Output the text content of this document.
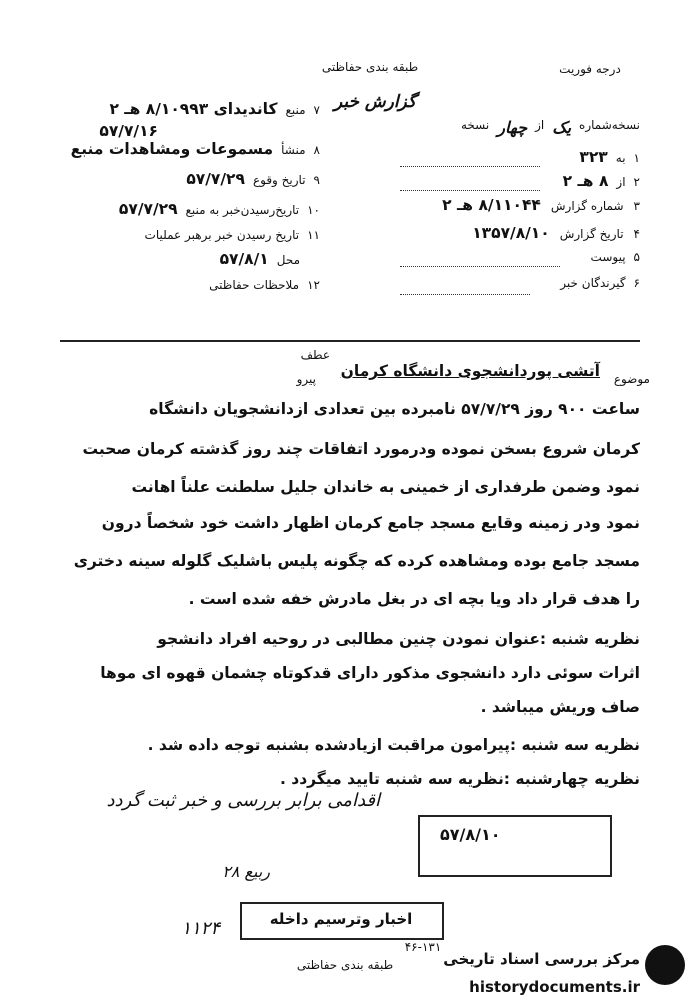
طبقه بندی حفاظتی	درجه فوریت
گزارش خبر
نسخه‌شماره
یک
از
چهار
نسخه
۵۷/۷/۱۶
۷
منبع
کاندیدای ۸/۱۰۹۹۳ هـ ۲
۸
منشأ
مسموعات ومشاهدات منبع
۹
تاریخ وقوع
۵۷/۷/۲۹
۱۰
تاریخ‌رسیدن‌خبر به منبع
۵۷/۷/۲۹
۱۱
تاریخ رسیدن خبر برهبر عملیات
محل
۵۷/۸/۱
۱۲
ملاحظات حفاظتی
۱
به
۳۲۳
۲
از
۸ هـ ۲
۳
شماره گزارش
۸/۱۱۰۴۴ هـ ۲
۴
تاریخ گزارش
۱۳۵۷/۸/۱۰
۵
پیوست
۶
گیرندگان خبر
موضوع
آتشی پوردانشجوی دانشگاه کرمان
عطف
پیرو
ساعت ۹۰۰ روز ۵۷/۷/۲۹ نامبرده بین تعدادی ازدانشجویان دانشگاه
کرمان شروع بسخن نموده ودرمورد اتفاقات چند روز گذشته کرمان صحبت
نمود وضمن طرفداری از خمینی به خاندان جلیل سلطنت علناً اهانت
نمود ودر زمینه وقایع مسجد جامع کرمان اظهار داشت خود شخصاً درون
مسجد جامع بوده ومشاهده کرده که چگونه پلیس باشلیک گلوله سینه دختری
را هدف قرار داد ویا بچه ای در بغل مادرش خفه شده است .
نظریه شنبه :عنوان نمودن چنین مطالبی در روحیه افراد دانشجو
اثرات سوئی دارد دانشجوی مذکور دارای قدکوتاه چشمان قهوه ای موها
صاف وریش میباشد .
نظریه سه شنبه :پیرامون مراقبت ازیادشده بشنبه توجه داده شد .
نظریه چهارشنبه :نظریه سه شنبه تایید میگردد .
اقدامی برابر بررسی و خبر ثبت گردد
ربیع ۲۸
۱۱۲۴
۵۷/۸/۱۰
اخبار وترسیم داخله
۴۶-۱۳۱
طبقه بندی حفاظتی	مرکز بررسی اسناد تاریخی
historydocuments.ir
